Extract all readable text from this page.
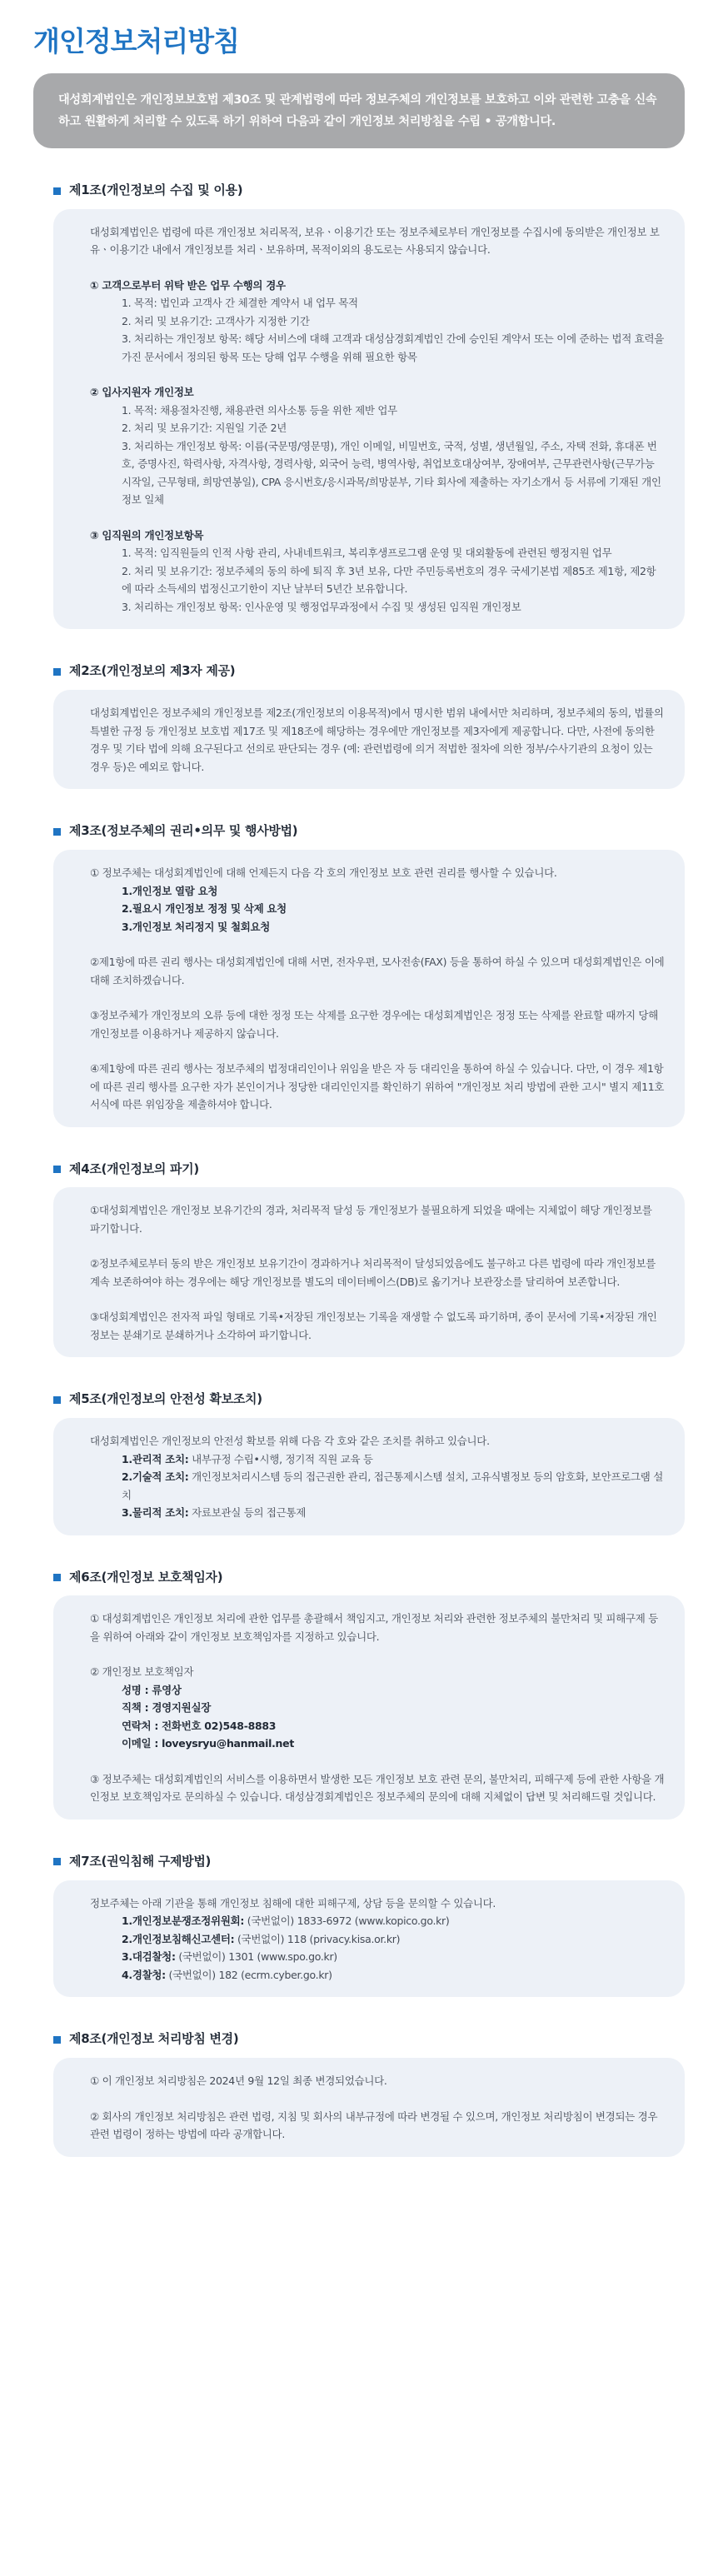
개인정보처리방침
대성회계법인은 개인정보보호법 제30조 및 관계법령에 따라 정보주체의 개인정보를 보호하고 이와 관련한 고충을 신속하고 원활하게 처리할 수 있도록 하기 위하여 다음과 같이 개인정보 처리방침을 수립 • 공개합니다.
제1조(개인정보의 수집 및 이용)

대성회계법인은 법령에 따른 개인정보 처리목적, 보유ㆍ이용기간 또는 정보주체로부터 개인정보를 수집시에 동의받은 개인정보 보유ㆍ이용기간 내에서 개인정보를 처리ㆍ보유하며, 목적이외의 용도로는 사용되지 않습니다.

① 고객으로부터 위탁 받은 업무 수행의 경우

1. 목적: 법인과 고객사 간 체결한 계약서 내 업무 목적

2. 처리 및 보유기간: 고객사가 지정한 기간

3. 처리하는 개인정보 항목: 해당 서비스에 대해 고객과 대성삼경회계법인 간에 승인된 계약서 또는 이에 준하는 법적 효력을 가진 문서에서 정의된 항목 또는 당해 업무 수행을 위해 필요한 항목

② 입사지원자 개인정보

1. 목적: 채용절차진행, 채용관련 의사소통 등을 위한 제반 업무

2. 처리 및 보유기간: 지원일 기준 2년

3. 처리하는 개인정보 항목: 이름(국문명/영문명), 개인 이메일, 비밀번호, 국적, 성별, 생년월일, 주소, 자택 전화, 휴대폰 번호, 증명사진, 학력사항, 자격사항, 경력사항, 외국어 능력, 병역사항, 취업보호대상여부, 장애여부, 근무관련사항(근무가능 시작일, 근무형태, 희망연봉일), CPA 응시번호/응시과목/희망분부, 기타 회사에 제출하는 자기소개서 등 서류에 기재된 개인정보 일체

③ 임직원의 개인정보항목

1. 목적: 임직원들의 인적 사항 관리, 사내네트워크, 복리후생프로그램 운영 및 대외활동에 관련된 행정지원 업무

2. 처리 및 보유기간: 정보주체의 동의 하에 퇴직 후 3년 보유, 다만 주민등록번호의 경우 국세기본법 제85조 제1항, 제2항에 따라 소득세의 법정신고기한이 지난 날부터 5년간 보유합니다.

3. 처리하는 개인정보 항목: 인사운영 및 행정업무과정에서 수집 및 생성된 임직원 개인정보

제2조(개인정보의 제3자 제공)

대성회계법인은 정보주체의 개인정보를 제2조(개인정보의 이용목적)에서 명시한 범위 내에서만 처리하며, 정보주체의 동의, 법률의 특별한 규정 등 개인정보 보호법 제17조 및 제18조에 해당하는 경우에만 개인정보를 제3자에게 제공합니다. 다만, 사전에 동의한 경우 및 기타 법에 의해 요구된다고 선의로 판단되는 경우 (예: 관련법령에 의거 적법한 절차에 의한 정부/수사기관의 요청이 있는 경우 등)은 예외로 합니다.

제3조(정보주체의 권리•의무 및 행사방법)

① 정보주체는 대성회계법인에 대해 언제든지 다음 각 호의 개인정보 보호 관련 권리를 행사할 수 있습니다.

1.개인정보 열람 요청

2.필요시 개인정보 정정 및 삭제 요청

3.개인정보 처리정지 및 철회요청

②제1항에 따른 권리 행사는 대성회계법인에 대해 서면, 전자우편, 모사전송(FAX) 등을 통하여 하실 수 있으며 대성회계법인은 이에 대해 조치하겠습니다.

③정보주체가 개인정보의 오류 등에 대한 정정 또는 삭제를 요구한 경우에는 대성회계법인은 정정 또는 삭제를 완료할 때까지 당해 개인정보를 이용하거나 제공하지 않습니다.

④제1항에 따른 권리 행사는 정보주체의 법정대리인이나 위임을 받은 자 등 대리인을 통하여 하실 수 있습니다. 다만, 이 경우 제1항에 따른 권리 행사를 요구한 자가 본인이거나 정당한 대리인인지를 확인하기 위하여 "개인정보 처리 방법에 관한 고시" 별지 제11호 서식에 따른 위임장을 제출하셔야 합니다.

제4조(개인정보의 파기)

①대성회계법인은 개인정보 보유기간의 경과, 처리목적 달성 등 개인정보가 불필요하게 되었을 때에는 지체없이 해당 개인정보를 파기합니다.

②정보주체로부터 동의 받은 개인정보 보유기간이 경과하거나 처리목적이 달성되었음에도 불구하고 다른 법령에 따라 개인정보를 계속 보존하여야 하는 경우에는 해당 개인정보를 별도의 데이터베이스(DB)로 옮기거나 보관장소를 달리하여 보존합니다.

③대성회계법인은 전자적 파일 형태로 기록•저장된 개인정보는 기록을 재생할 수 없도록 파기하며, 종이 문서에 기록•저장된 개인정보는 분쇄기로 분쇄하거나 소각하여 파기합니다.

제5조(개인정보의 안전성 확보조치)

대성회계법인은 개인정보의 안전성 확보를 위해 다음 각 호와 같은 조치를 취하고 있습니다.

1.관리적 조치: 내부규정 수립•시행, 정기적 직원 교육 등

2.기술적 조치: 개인정보처리시스템 등의 접근권한 관리, 접근통제시스템 설치, 고유식별정보 등의 암호화, 보안프로그램 설치

3.물리적 조치: 자료보관실 등의 접근통제

제6조(개인정보 보호책임자)

① 대성회계법인은 개인정보 처리에 관한 업무를 총괄해서 책임지고, 개인정보 처리와 관련한 정보주체의 불만처리 및 피해구제 등을 위하여 아래와 같이 개인정보 보호책임자를 지정하고 있습니다.

② 개인정보 보호책임자

성명 : 류영상

직책 : 경영지원실장

연락처 : 전화번호 02)548-8883

이메일 : loveysryu@hanmail.net

③ 정보주체는 대성회계법인의 서비스를 이용하면서 발생한 모든 개인정보 보호 관련 문의, 불만처리, 피해구제 등에 관한 사항을 개인정보 보호책임자로 문의하실 수 있습니다. 대성삼경회계법인은 정보주체의 문의에 대해 지체없이 답변 및 처리해드릴 것입니다.

제7조(권익침해 구제방법)

정보주체는 아래 기관을 통해 개인정보 침해에 대한 피해구제, 상담 등을 문의할 수 있습니다.

1.개인정보분쟁조정위원회: (국번없이) 1833-6972 (www.kopico.go.kr)

2.개인정보침해신고센터: (국번없이) 118 (privacy.kisa.or.kr)

3.대검찰청: (국번없이) 1301 (www.spo.go.kr)

4.경찰청: (국번없이) 182 (ecrm.cyber.go.kr)

제8조(개인정보 처리방침 변경)

① 이 개인정보 처리방침은 2024년 9월 12일 최종 변경되었습니다.

② 회사의 개인정보 처리방침은 관련 법령, 지침 및 회사의 내부규정에 따라 변경될 수 있으며, 개인정보 처리방침이 변경되는 경우 관련 법령이 정하는 방법에 따라 공개합니다.
